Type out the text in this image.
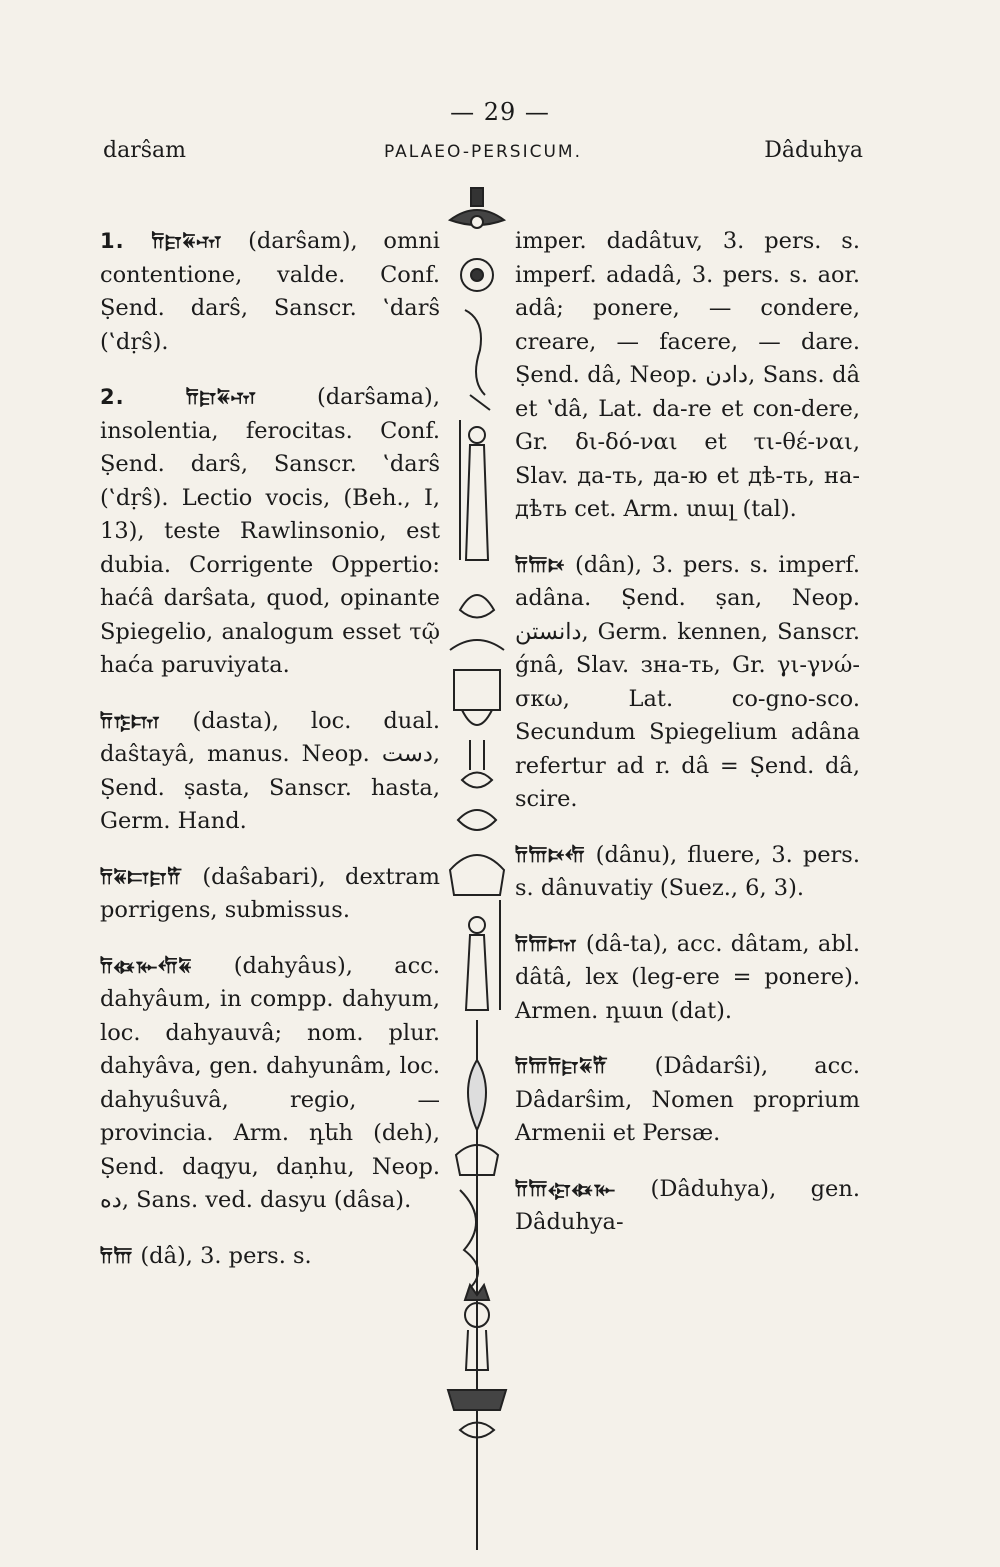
— 29 —
darŝam	PALAEO-PERSICUM.	Dâduhya

1. 𐎭𐎼𐏁𐎶 (darŝam), omni contentione, valde. Conf. Ṣend. darŝ, Sanscr. ‛darŝ (‛dṛŝ).

2. 𐎭𐎼𐏁𐎶 (darŝama), insolentia, ferocitas. Conf. Ṣend. darŝ, Sanscr. ‛darŝ (‛dṛŝ). Lectio vocis, (Beh., I, 13), teste Rawlinsonio, est dubia. Corrigente Oppertio: haćâ darŝata, quod, opinante Spiegelio, analogum esset τῷ haća paruviyata.

𐎭𐎿𐎫 (dasta), loc. dual. daŝtayâ, manus. Neop. دست, Ṣend. ṣasta, Sanscr. hasta, Germ. Hand.

𐎭𐏁𐎲𐎼𐎡 (daŝabari), dextram porrigens, submissus.

𐎭𐏃𐎹𐎢𐏁 (dahyâus), acc. dahyâum, in compp. dahyum, loc. dahyauvâ; nom. plur. dahyâva, gen. dahyunâm, loc. dahyuŝuvâ, regio, — provincia. Arm. դեհ (deh), Ṣend. daqyu, daṇhu, Neop. ده, Sans. ved. dasyu (dâsa).

𐎭𐎠 (dâ), 3. pers. s.

imper. dadâtuv, 3. pers. s. imperf. adadâ, 3. pers. s. aor. adâ; ponere, — condere, creare, — facere, — dare. Ṣend. dâ, Neop. دادن, Sans. dâ et ‛dâ, Lat. da-re et con-dere, Gr. δι-δό-ναι et τι-θέ-ναι, Slav. да-ть, да-ю et дѣ-ть, на-дѣть cet. Arm. տալ (tal).

𐎭𐎠𐎴 (dân), 3. pers. s. imperf. adâna. Ṣend. ṣan, Neop. دانستن, Germ. kennen, Sanscr. ǵnâ, Slav. зна-ть, Gr. γι-γνώ-σκω, Lat. co-gno-sco. Secundum Spiegelium adâna refertur ad r. dâ = Ṣend. dâ, scire.

𐎭𐎠𐎴𐎢 (dânu), fluere, 3. pers. s. dânuvatiy (Suez., 6, 3).

𐎭𐎠𐎫 (dâ-ta), acc. dâtam, abl. dâtâ, lex (leg-ere = ponere). Armen. դատ (dat).

𐎭𐎠𐎭𐎼𐏁𐎡 (Dâdarŝi), acc. Dâdarŝim, Nomen proprium Armenii et Persæ.

𐎭𐎠𐎯𐏃𐎹 (Dâduhya), gen. Dâduhya-
